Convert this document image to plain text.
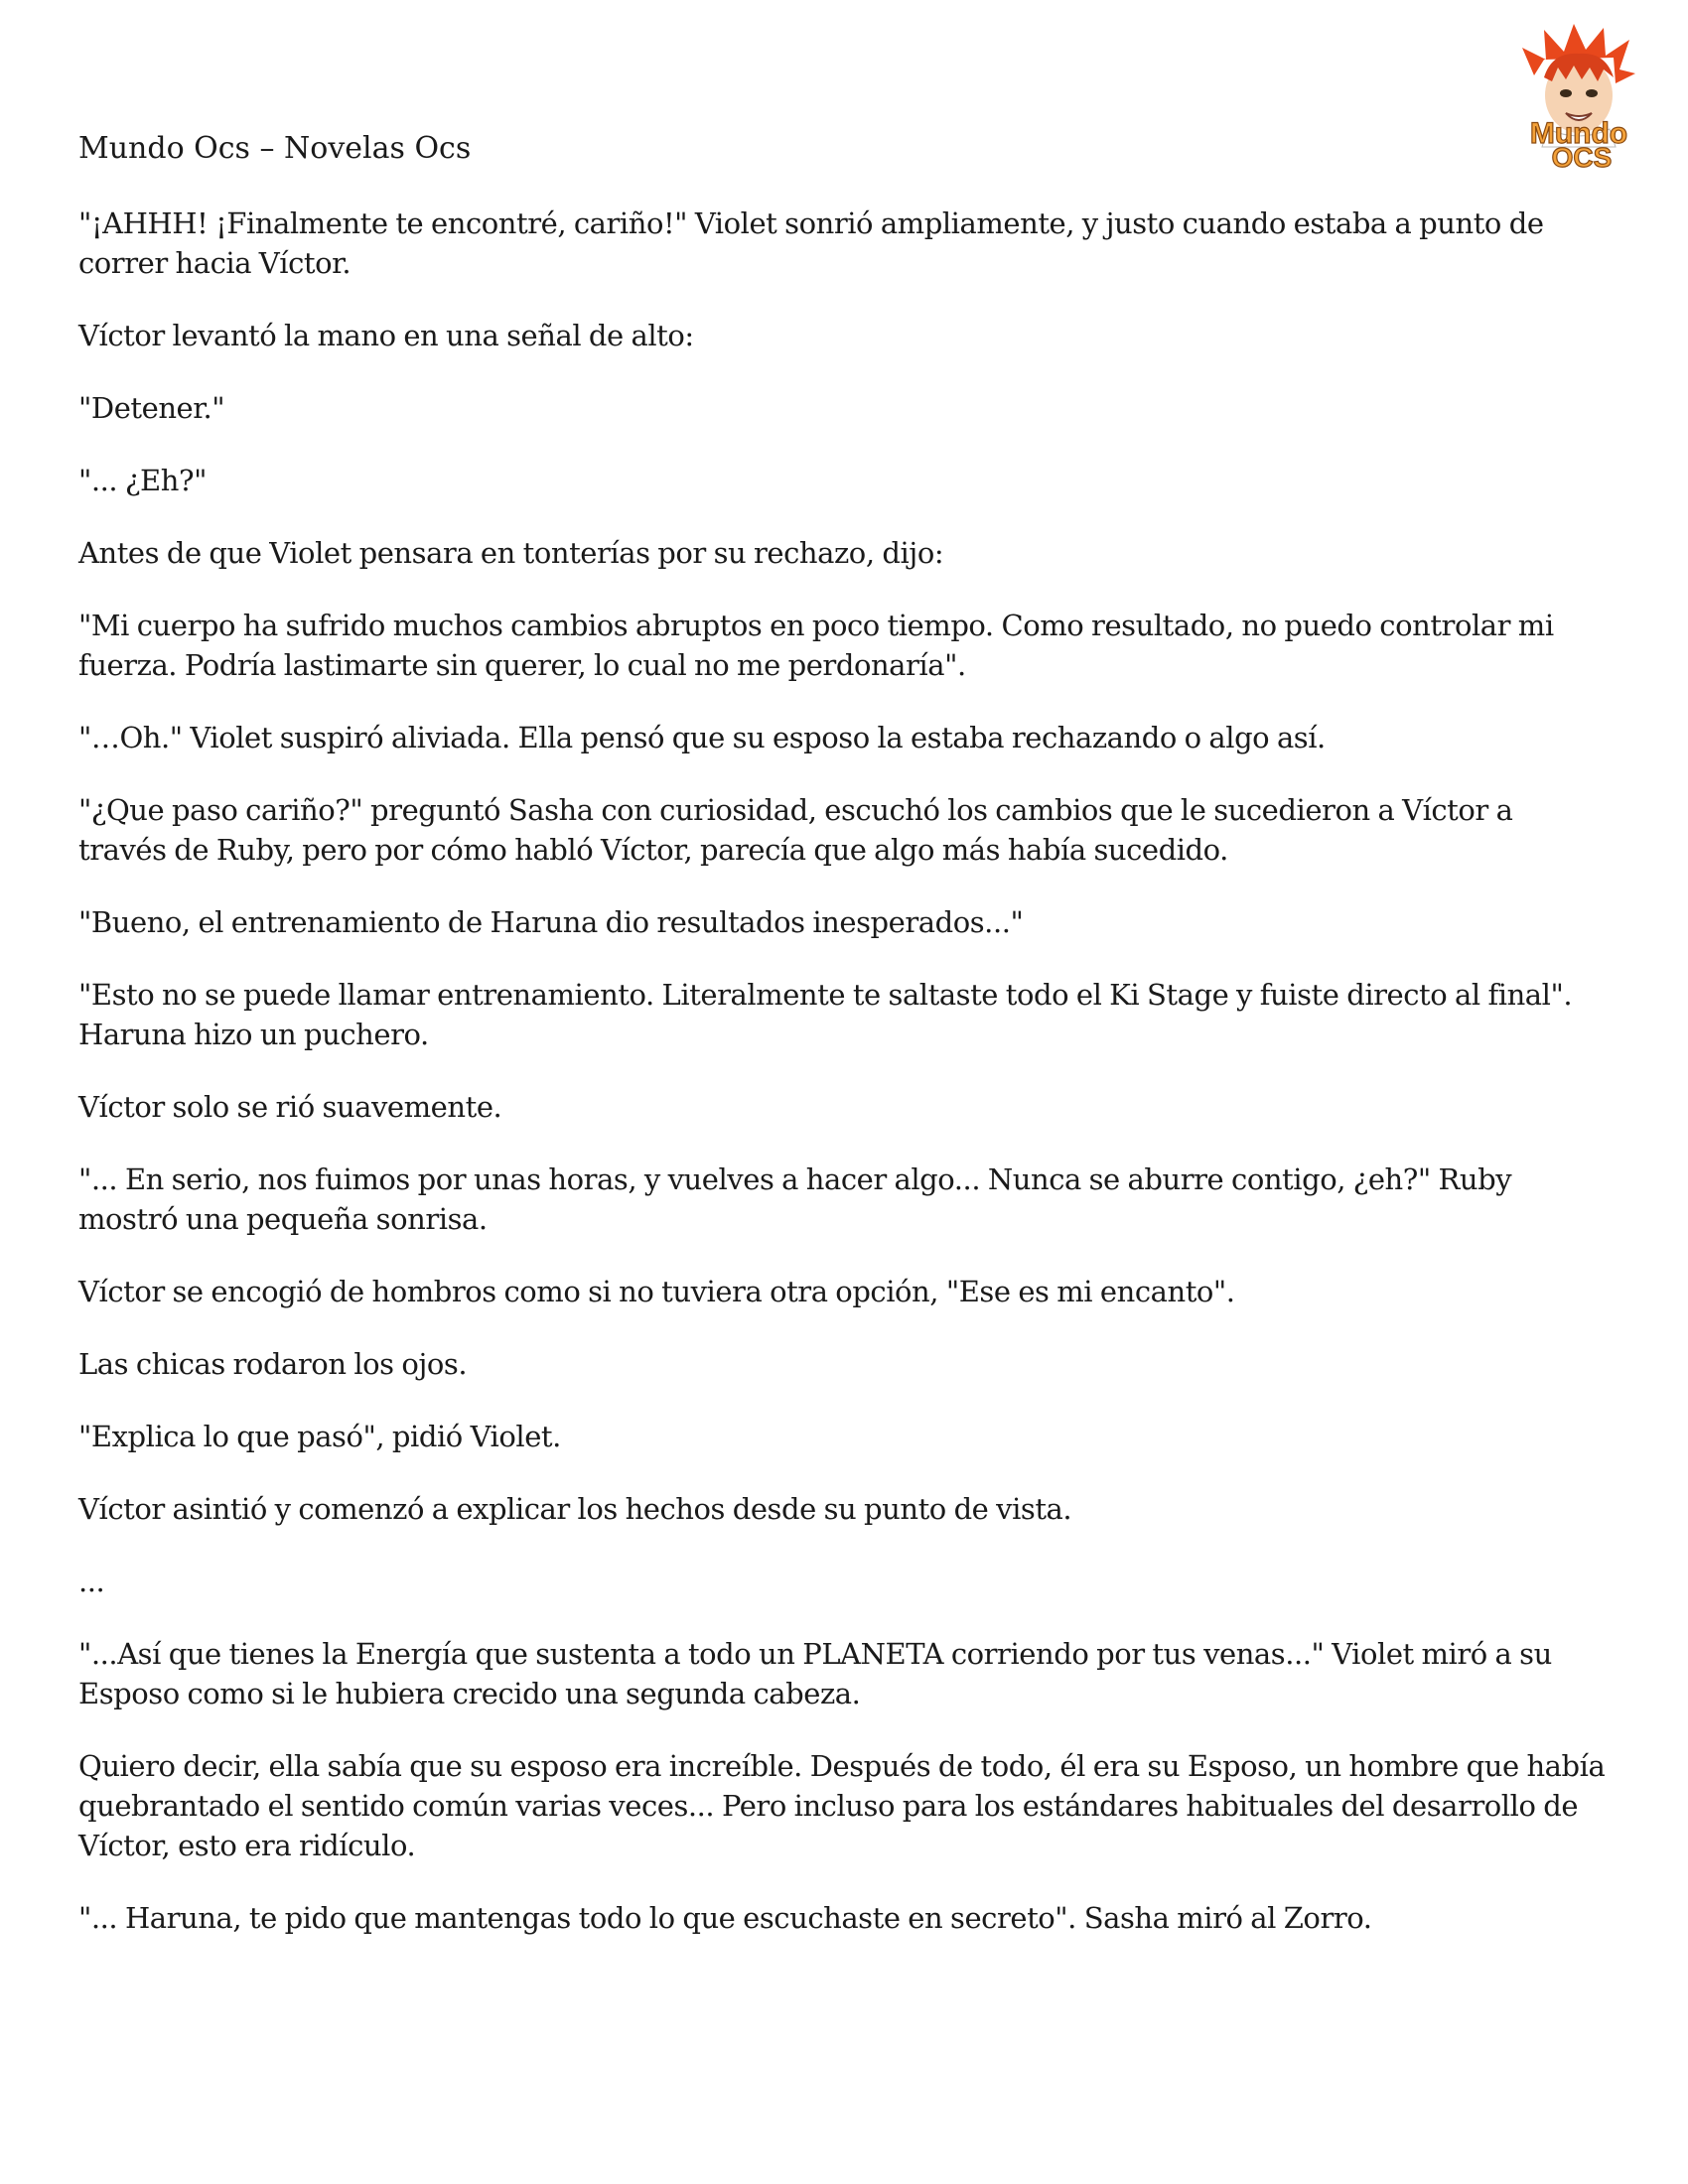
Mundo Ocs – Novelas Ocs	Mundo
OCS

"¡AHHH! ¡Finalmente te encontré, cariño!" Violet sonrió ampliamente, y justo cuando estaba a punto de correr hacia Víctor.

Víctor levantó la mano en una señal de alto:

"Detener."

"... ¿Eh?"

Antes de que Violet pensara en tonterías por su rechazo, dijo:

"Mi cuerpo ha sufrido muchos cambios abruptos en poco tiempo. Como resultado, no puedo controlar mi fuerza. Podría lastimarte sin querer, lo cual no me perdonaría".

"…Oh." Violet suspiró aliviada. Ella pensó que su esposo la estaba rechazando o algo así.

"¿Que paso cariño?" preguntó Sasha con curiosidad, escuchó los cambios que le sucedieron a Víctor a través de Ruby, pero por cómo habló Víctor, parecía que algo más había sucedido.

"Bueno, el entrenamiento de Haruna dio resultados inesperados..."

"Esto no se puede llamar entrenamiento. Literalmente te saltaste todo el Ki Stage y fuiste directo al final". Haruna hizo un puchero.

Víctor solo se rió suavemente.

"... En serio, nos fuimos por unas horas, y vuelves a hacer algo... Nunca se aburre contigo, ¿eh?" Ruby mostró una pequeña sonrisa.

Víctor se encogió de hombros como si no tuviera otra opción, "Ese es mi encanto".

Las chicas rodaron los ojos.

"Explica lo que pasó", pidió Violet.

Víctor asintió y comenzó a explicar los hechos desde su punto de vista.

...

"...Así que tienes la Energía que sustenta a todo un PLANETA corriendo por tus venas..." Violet miró a su Esposo como si le hubiera crecido una segunda cabeza.

Quiero decir, ella sabía que su esposo era increíble. Después de todo, él era su Esposo, un hombre que había quebrantado el sentido común varias veces... Pero incluso para los estándares habituales del desarrollo de Víctor, esto era ridículo.

"... Haruna, te pido que mantengas todo lo que escuchaste en secreto". Sasha miró al Zorro.
